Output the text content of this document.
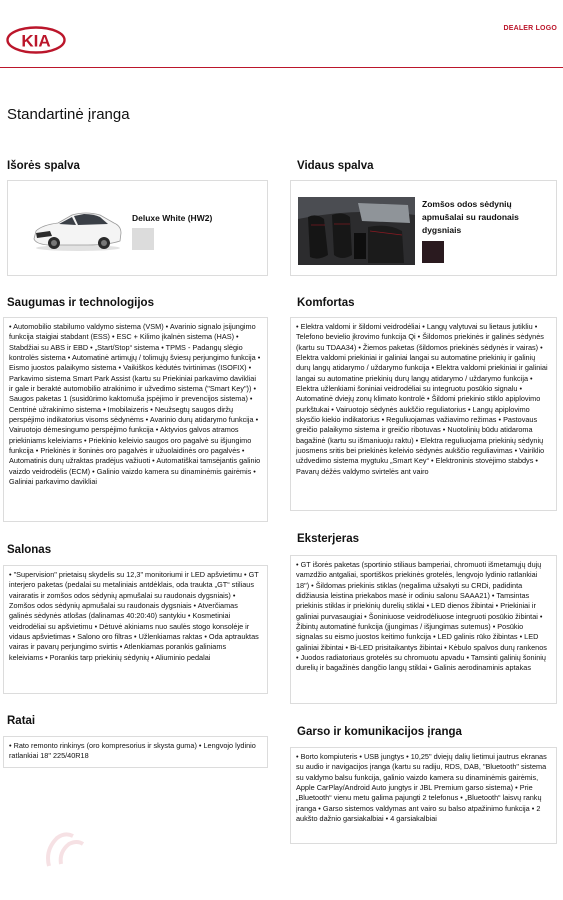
KIA
DEALER LOGO
Standartinė įranga
Išorės spalva
Deluxe White (HW2)
Vidaus spalva
Zomšos odos sėdynių apmušalai su raudonais dygsniais
Saugumas ir technologijos
• Automobilio stabilumo valdymo sistema (VSM) • Avarinio signalo įsijungimo funkcija staigiai stabdant (ESS) • ESC + Kilimo įkalnėn sistema (HAS) • Stabdžiai su ABS ir EBD • „Start/Stop“ sistema • TPMS - Padangų slėgio kontrolės sistema • Automatinė artimųjų / tolimųjų šviesų perjungimo funkcija • Eismo juostos palaikymo sistema • Vaikiškos kėdutės tvirtinimas (ISOFIX) • Parkavimo sistema Smart Park Assist (kartu su Priekiniai parkavimo davikliai ir gale ir beraktė automobilio atrakinimo ir užvedimo sistema ("Smart Key")) • Saugos paketas 1 (susidūrimo kaktomuša įspėjimo ir prevencijos sistema) • Centrinė užrakinimo sistema • Imobilaizeris • Neužsegtų saugos diržų perspėjimo indikatorius visoms sėdynėms • Avarinio durų atidarymo funkcija • Vairuotojo dėmesingumo perspėjimo funkcija • Aktyvios galvos atramos priekiniams keleiviams • Priekinio keleivio saugos oro pagalvė su išjungimo funkcija • Priekinės ir šoninės oro pagalvės ir užuolaidinės oro pagalvės • Automatinis durų užraktas pradėjus važiuoti • Automatiškai tamsėjantis galinio vaizdo veidrodėlis (ECM) • Galinio vaizdo kamera su dinaminėmis gairėmis • Galiniai parkavimo davikliai
Komfortas
• Elektra valdomi ir šildomi veidrodėliai • Langų valytuvai su lietaus jutikliu • Telefono bevielio įkrovimo funkcija Qi • Šildomos priekinės ir galinės sėdynės (kartu su TDAA34) • Žiemos paketas (šildomos priekinės sėdynės ir vairas) • Elektra valdomi priekiniai ir galiniai langai su automatine priekinių ir galinių durų langų atidarymo / uždarymo funkcija • Elektra valdomi priekiniai ir galiniai langai su automatine priekinių durų langų atidarymo / uždarymo funkcija • Elektra užlenkiami šoniniai veidrodėliai su integruotu posūkio signalu • Automatinė dviejų zonų klimato kontrolė • Šildomi priekinio stiklo apiplovimo purkštukai • Vairuotojo sėdynės aukščio reguliatorius • Langų apiplovimo skysčio kiekio indikatorius • Reguliuojamas važiavimo režimas • Pastovaus greičio palaikymo sistema ir greičio ribotuvas • Nuotolinių būdu atidaroma bagažinė (kartu su išmaniuoju raktu) • Elektra reguliuojama priekinių sėdynių juosmens sritis bei priekinės keleivio sėdynės aukščio reguliavimas • Vairiklio uždvedimo sistema mygtuku „Smart Key“ • Elektroninis stovėjimo stabdys • Pavarų dėžės valdymo svirtelės ant vairo
Salonas
• "Supervision" prietaisų skydelis su 12,3" monitoriumi ir LED apšvietimu • GT interjero paketas (pedalai su metaliniais antdėklais, oda traukta „GT“ stiliaus vairaratis ir zomšos odos sėdynių apmušalai su raudonais dygsniais) • Zomšos odos sėdynių apmušalai su raudonais dygsniais • Atverčiamas galinės sėdynės atlošas (dalinamas 40:20:40) santykiu • Kosmetiniai veidrodėliai su apšvietimu • Dėtuvė akiniams nuo saulės stogo konsolėje ir vidaus apšvietimas • Salono oro filtras • Užlenkiamas raktas • Oda aptrauktas vairas ir pavarų perjungimo svirtis • Atlenkiamas porankis galiniams keleiviams • Porankis tarp priekinių sėdynių • Aliuminio pedalai
Eksterjeras
• GT išorės paketas (sportinio stiliaus bamperiai, chromuoti išmetamųjų dujų vamzdžio antgaliai, sportiškos priekinės grotelės, lengvojo lydinio ratlankiai 18") • Šildomas priekinis stiklas (negalima užsakyti su CRDi, padidinta didžiausia leistina priekabos masė ir odiniu salonu SAAA21) • Tamsintas priekinis stiklas ir priekinių durelių stiklai • LED dienos žibintai • Priekiniai ir galiniai purvasaugiai • Šoniniuose veidrodėliuose integruoti posūkio žibintai • Žibintų automatinė funkcija (įjungimas / išjungimas sutemus) • Posūkio signalas su eismo juostos keitimo funkcija • LED galinis rūko žibintas • LED galiniai žibintai • Bi-LED prisitaikantys žibintai • Kėbulo spalvos durų rankenos • Juodos radiatoriaus grotelės su chromuotu apvadu • Tamsinti galinių šoninių durelių ir bagažinės dangčio langų stiklai • Galinis aerodinaminis aptakas
Ratai
• Rato remonto rinkinys (oro kompresorius ir skysta guma) • Lengvojo lydinio ratlankiai 18" 225/40R18
Garso ir komunikacijos įranga
• Borto kompiuteris • USB jungtys • 10,25" dviejų dalių lietimui jautrus ekranas su audio ir navigacijos įranga (kartu su radiju, RDS, DAB, "Bluetooth" sistema su valdymo balsu funkcija, galinio vaizdo kamera su dinaminėmis gairėmis, Apple CarPlay/Android Auto jungtys ir JBL Premium garso sistema) • Prie „Bluetooth“ vienu metu galima pajungti 2 telefonus • „Bluetooth“ laisvų rankų įranga • Garso sistemos valdymas ant vairo su balso atpažinimo funkcija • 2 aukšto dažnio garsiakalbiai • 4 garsiakalbiai
